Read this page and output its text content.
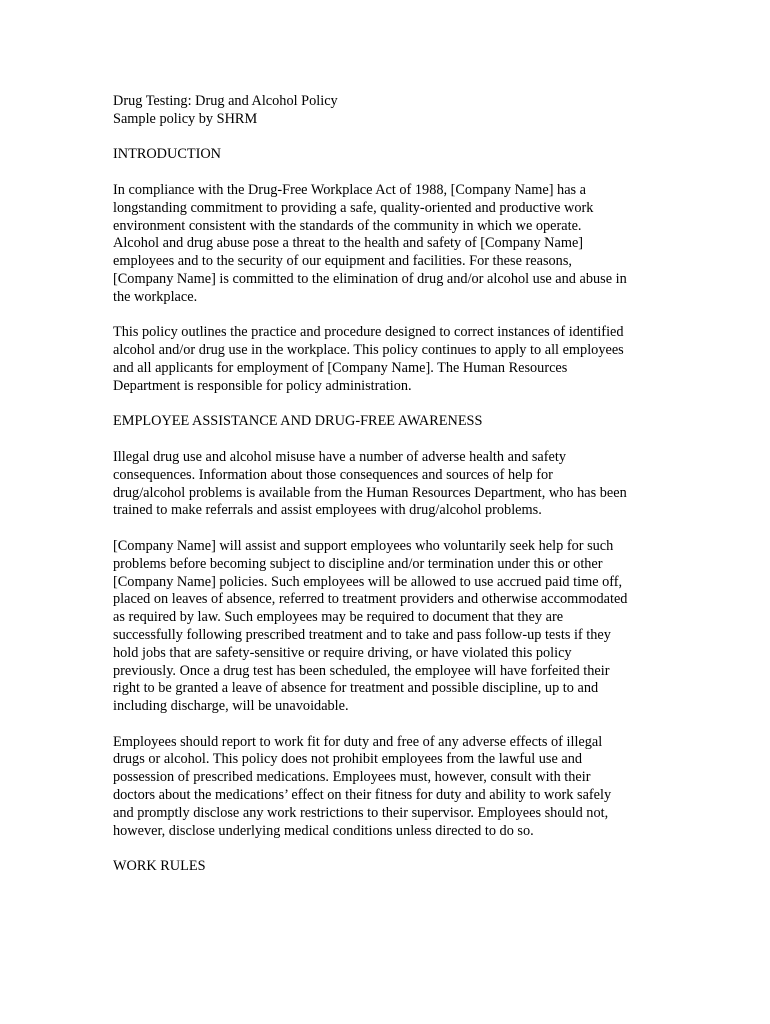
Drug Testing: Drug and Alcohol Policy
Sample policy by SHRM
INTRODUCTION
In compliance with the Drug-Free Workplace Act of 1988, [Company Name] has a
longstanding commitment to providing a safe, quality-oriented and productive work
environment consistent with the standards of the community in which we operate.
Alcohol and drug abuse pose a threat to the health and safety of [Company Name]
employees and to the security of our equipment and facilities. For these reasons,
[Company Name] is committed to the elimination of drug and/or alcohol use and abuse in
the workplace.
This policy outlines the practice and procedure designed to correct instances of identified
alcohol and/or drug use in the workplace. This policy continues to apply to all employees
and all applicants for employment of [Company Name]. The Human Resources
Department is responsible for policy administration.
EMPLOYEE ASSISTANCE AND DRUG-FREE AWARENESS
Illegal drug use and alcohol misuse have a number of adverse health and safety
consequences. Information about those consequences and sources of help for
drug/alcohol problems is available from the Human Resources Department, who has been
trained to make referrals and assist employees with drug/alcohol problems.
[Company Name] will assist and support employees who voluntarily seek help for such
problems before becoming subject to discipline and/or termination under this or other
[Company Name] policies. Such employees will be allowed to use accrued paid time off,
placed on leaves of absence, referred to treatment providers and otherwise accommodated
as required by law. Such employees may be required to document that they are
successfully following prescribed treatment and to take and pass follow-up tests if they
hold jobs that are safety-sensitive or require driving, or have violated this policy
previously. Once a drug test has been scheduled, the employee will have forfeited their
right to be granted a leave of absence for treatment and possible discipline, up to and
including discharge, will be unavoidable.
Employees should report to work fit for duty and free of any adverse effects of illegal
drugs or alcohol. This policy does not prohibit employees from the lawful use and
possession of prescribed medications. Employees must, however, consult with their
doctors about the medications’ effect on their fitness for duty and ability to work safely
and promptly disclose any work restrictions to their supervisor. Employees should not,
however, disclose underlying medical conditions unless directed to do so.
WORK RULES
